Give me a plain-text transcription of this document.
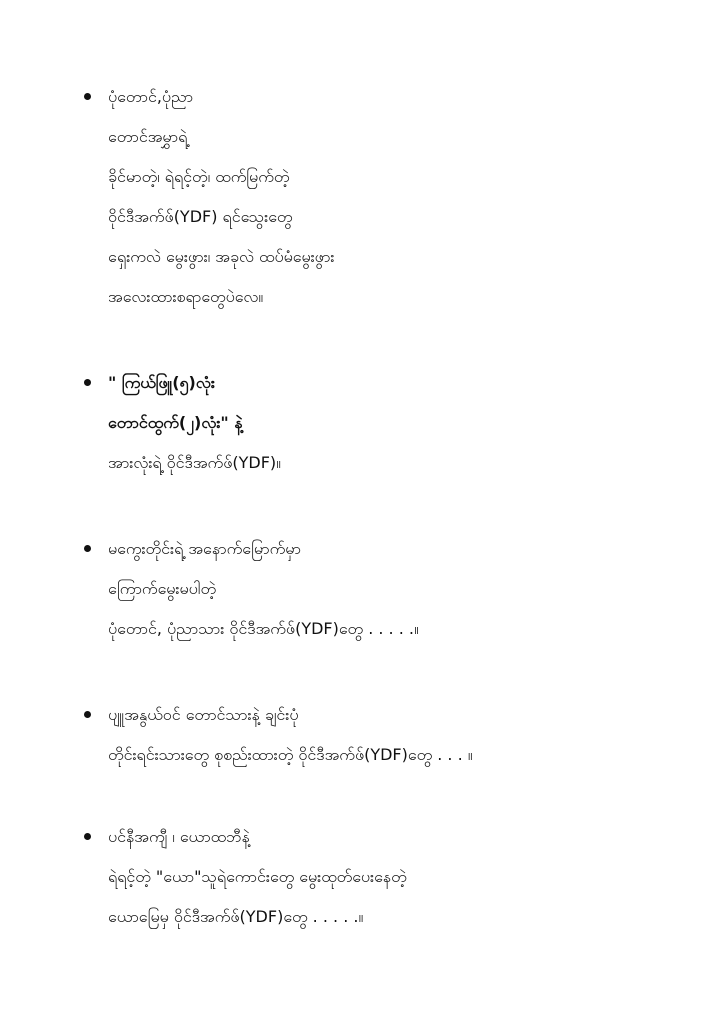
ပုံတောင်,ပုံညာ
တောင်အမွှာရဲ့
ခိုင်မာတဲ့၊ ရဲရင့်တဲ့၊ ထက်မြက်တဲ့
ဝိုင်ဒီအက်ဖ်(YDF) ရင်သွေးတွေ
ရှေးကလဲ မွေးဖွား၊ အခုလဲ ထပ်မံမွေးဖွား
အလေးထားစရာတွေပဲလေ။
" ကြယ်ဖြူ(၅)လုံး
တောင်ထွက်(၂)လုံး" နဲ့
အားလုံးရဲ့ ဝိုင်ဒီအက်ဖ်(YDF)။
မကွေးတိုင်းရဲ့ အနောက်မြောက်မှာ
ကြောက်မွေးမပါတဲ့
ပုံတောင်, ပုံညာသား ဝိုင်ဒီအက်ဖ်(YDF)တွေ . . . . .။
ပျူအနွယ်ဝင် တောင်သားနဲ့ ချင်းပုံ
တိုင်းရင်းသားတွေ စုစည်းထားတဲ့ ဝိုင်ဒီအက်ဖ်(YDF)တွေ . . . ။
ပင်နီအကျီ ၊ ယောထဘီနဲ့
ရဲရင့်တဲ့ "ယော"သူရဲကောင်းတွေ မွေးထုတ်ပေးနေတဲ့
ယောမြေမှ ဝိုင်ဒီအက်ဖ်(YDF)တွေ . . . . .။
